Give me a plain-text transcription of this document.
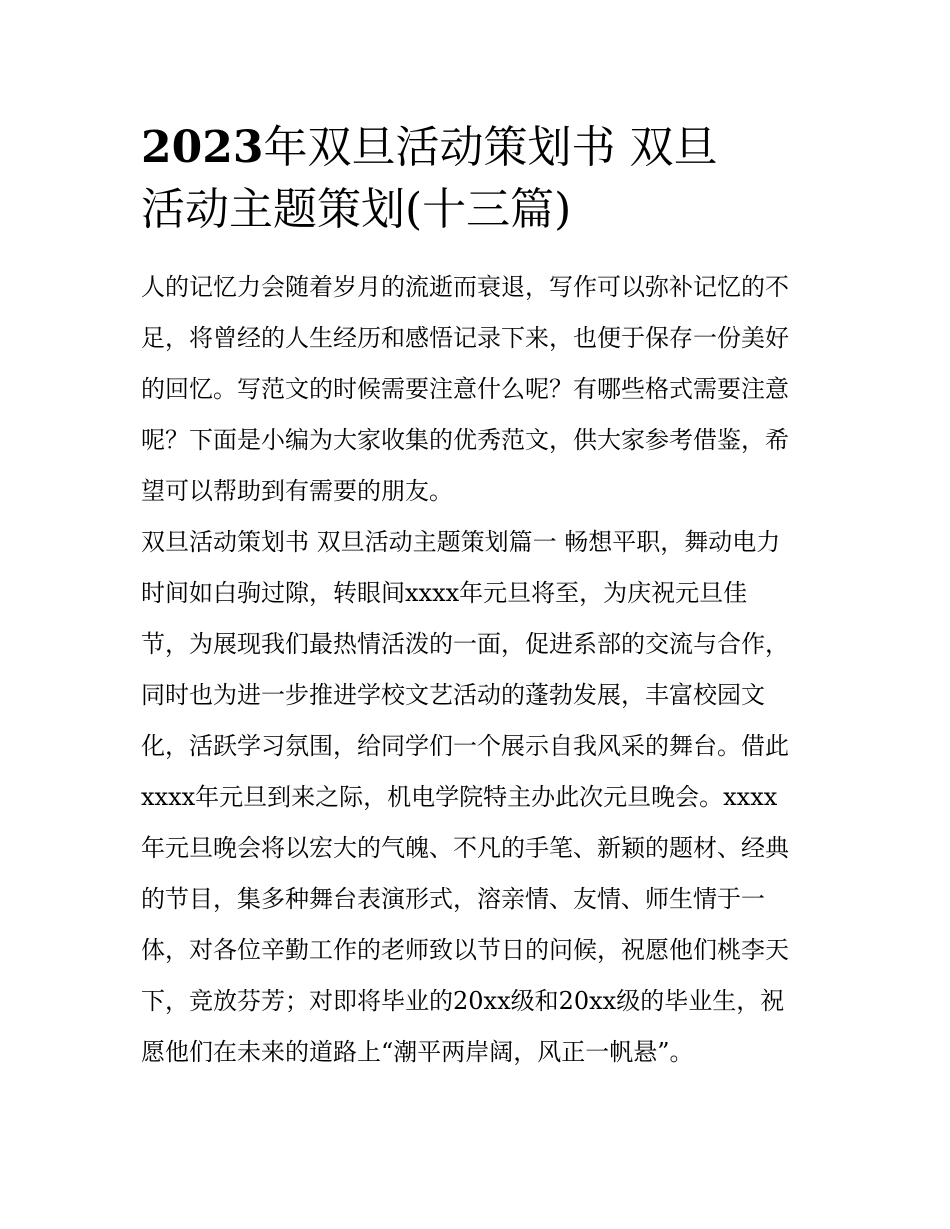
2023年双旦活动策划书 双旦
活动主题策划(十三篇)
人的记忆力会随着岁月的流逝而衰退，写作可以弥补记忆的不
足，将曾经的人生经历和感悟记录下来，也便于保存一份美好
的回忆。写范文的时候需要注意什么呢？有哪些格式需要注意
呢？下面是小编为大家收集的优秀范文，供大家参考借鉴，希
望可以帮助到有需要的朋友。
双旦活动策划书 双旦活动主题策划篇一 畅想平职，舞动电力
时间如白驹过隙，转眼间xxxx年元旦将至，为庆祝元旦佳
节，为展现我们最热情活泼的一面，促进系部的交流与合作，
同时也为进一步推进学校文艺活动的蓬勃发展，丰富校园文
化，活跃学习氛围，给同学们一个展示自我风采的舞台。借此
xxxx年元旦到来之际，机电学院特主办此次元旦晚会。xxxx
年元旦晚会将以宏大的气魄、不凡的手笔、新颖的题材、经典
的节目，集多种舞台表演形式，溶亲情、友情、师生情于一
体，对各位辛勤工作的老师致以节日的问候，祝愿他们桃李天
下，竞放芬芳；对即将毕业的20xx级和20xx级的毕业生，祝
愿他们在未来的道路上“潮平两岸阔，风正一帆悬”。
